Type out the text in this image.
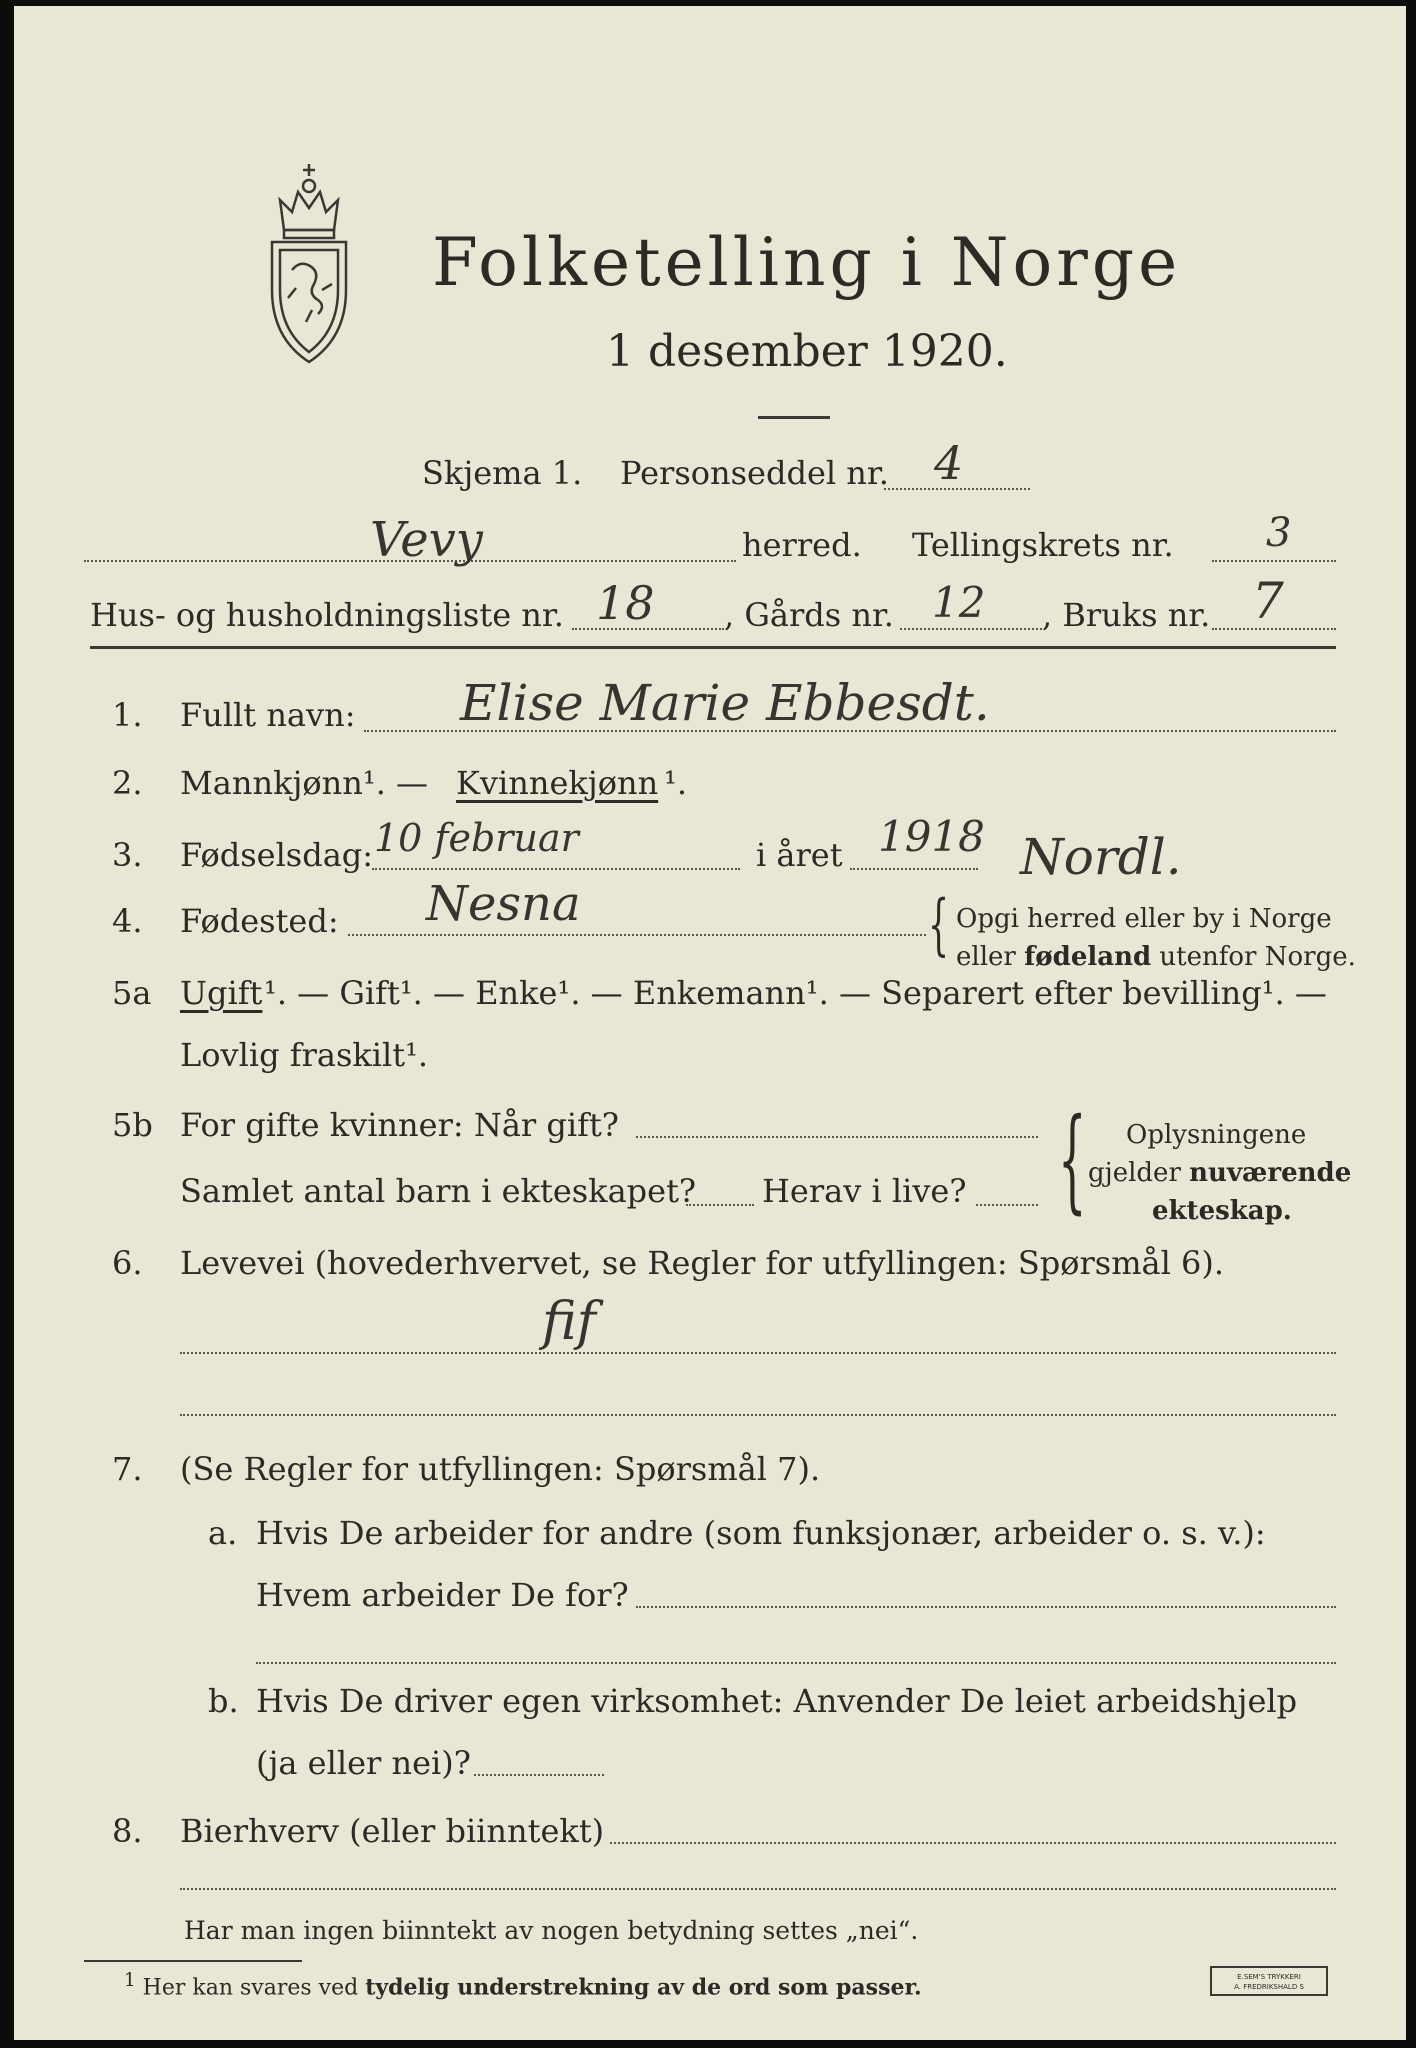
Folketelling i Norge
1 desember 1920.
Skjema 1. Personseddel nr. 4
Vevy	herred. Tellingskrets nr. 3
Hus- og husholdningsliste nr. 18 , Gårds nr. 12 , Bruks nr. 7
1. Fullt navn: Elise Marie Ebbesdt.
2. Mannkjønn¹. — Kvinnekjønn ¹.
3. Fødselsdag: 10 februar	i året 1918 Nordl.
4. Fødested: Nesna	{ Opgi herred eller by i Norge
eller fødeland utenfor Norge.
5a Ugift ¹. — Gift¹. — Enke¹. — Enkemann¹. — Separert efter bevilling¹. —
Lovlig fraskilt¹.
5b For gifte kvinner: Når gift?
Samlet antal barn i ekteskapet? Herav i live? { Oplysningene
gjelder nuværende
ekteskap.
6. Levevei (hovederhvervet, se Regler for utfyllingen: Spørsmål 6).
fif
7. (Se Regler for utfyllingen: Spørsmål 7).
a. Hvis De arbeider for andre (som funksjonær, arbeider o. s. v.):
Hvem arbeider De for?
b. Hvis De driver egen virksomhet: Anvender De leiet arbeidshjelp
(ja eller nei)?
8. Bierhverv (eller biinntekt)
Har man ingen biinntekt av nogen betydning settes „nei“.
$^1$ Her kan svares ved tydelig understrekning av de ord som passer.	E.SEM'S TRYKKERI
A. FREDRIKSHALD S
